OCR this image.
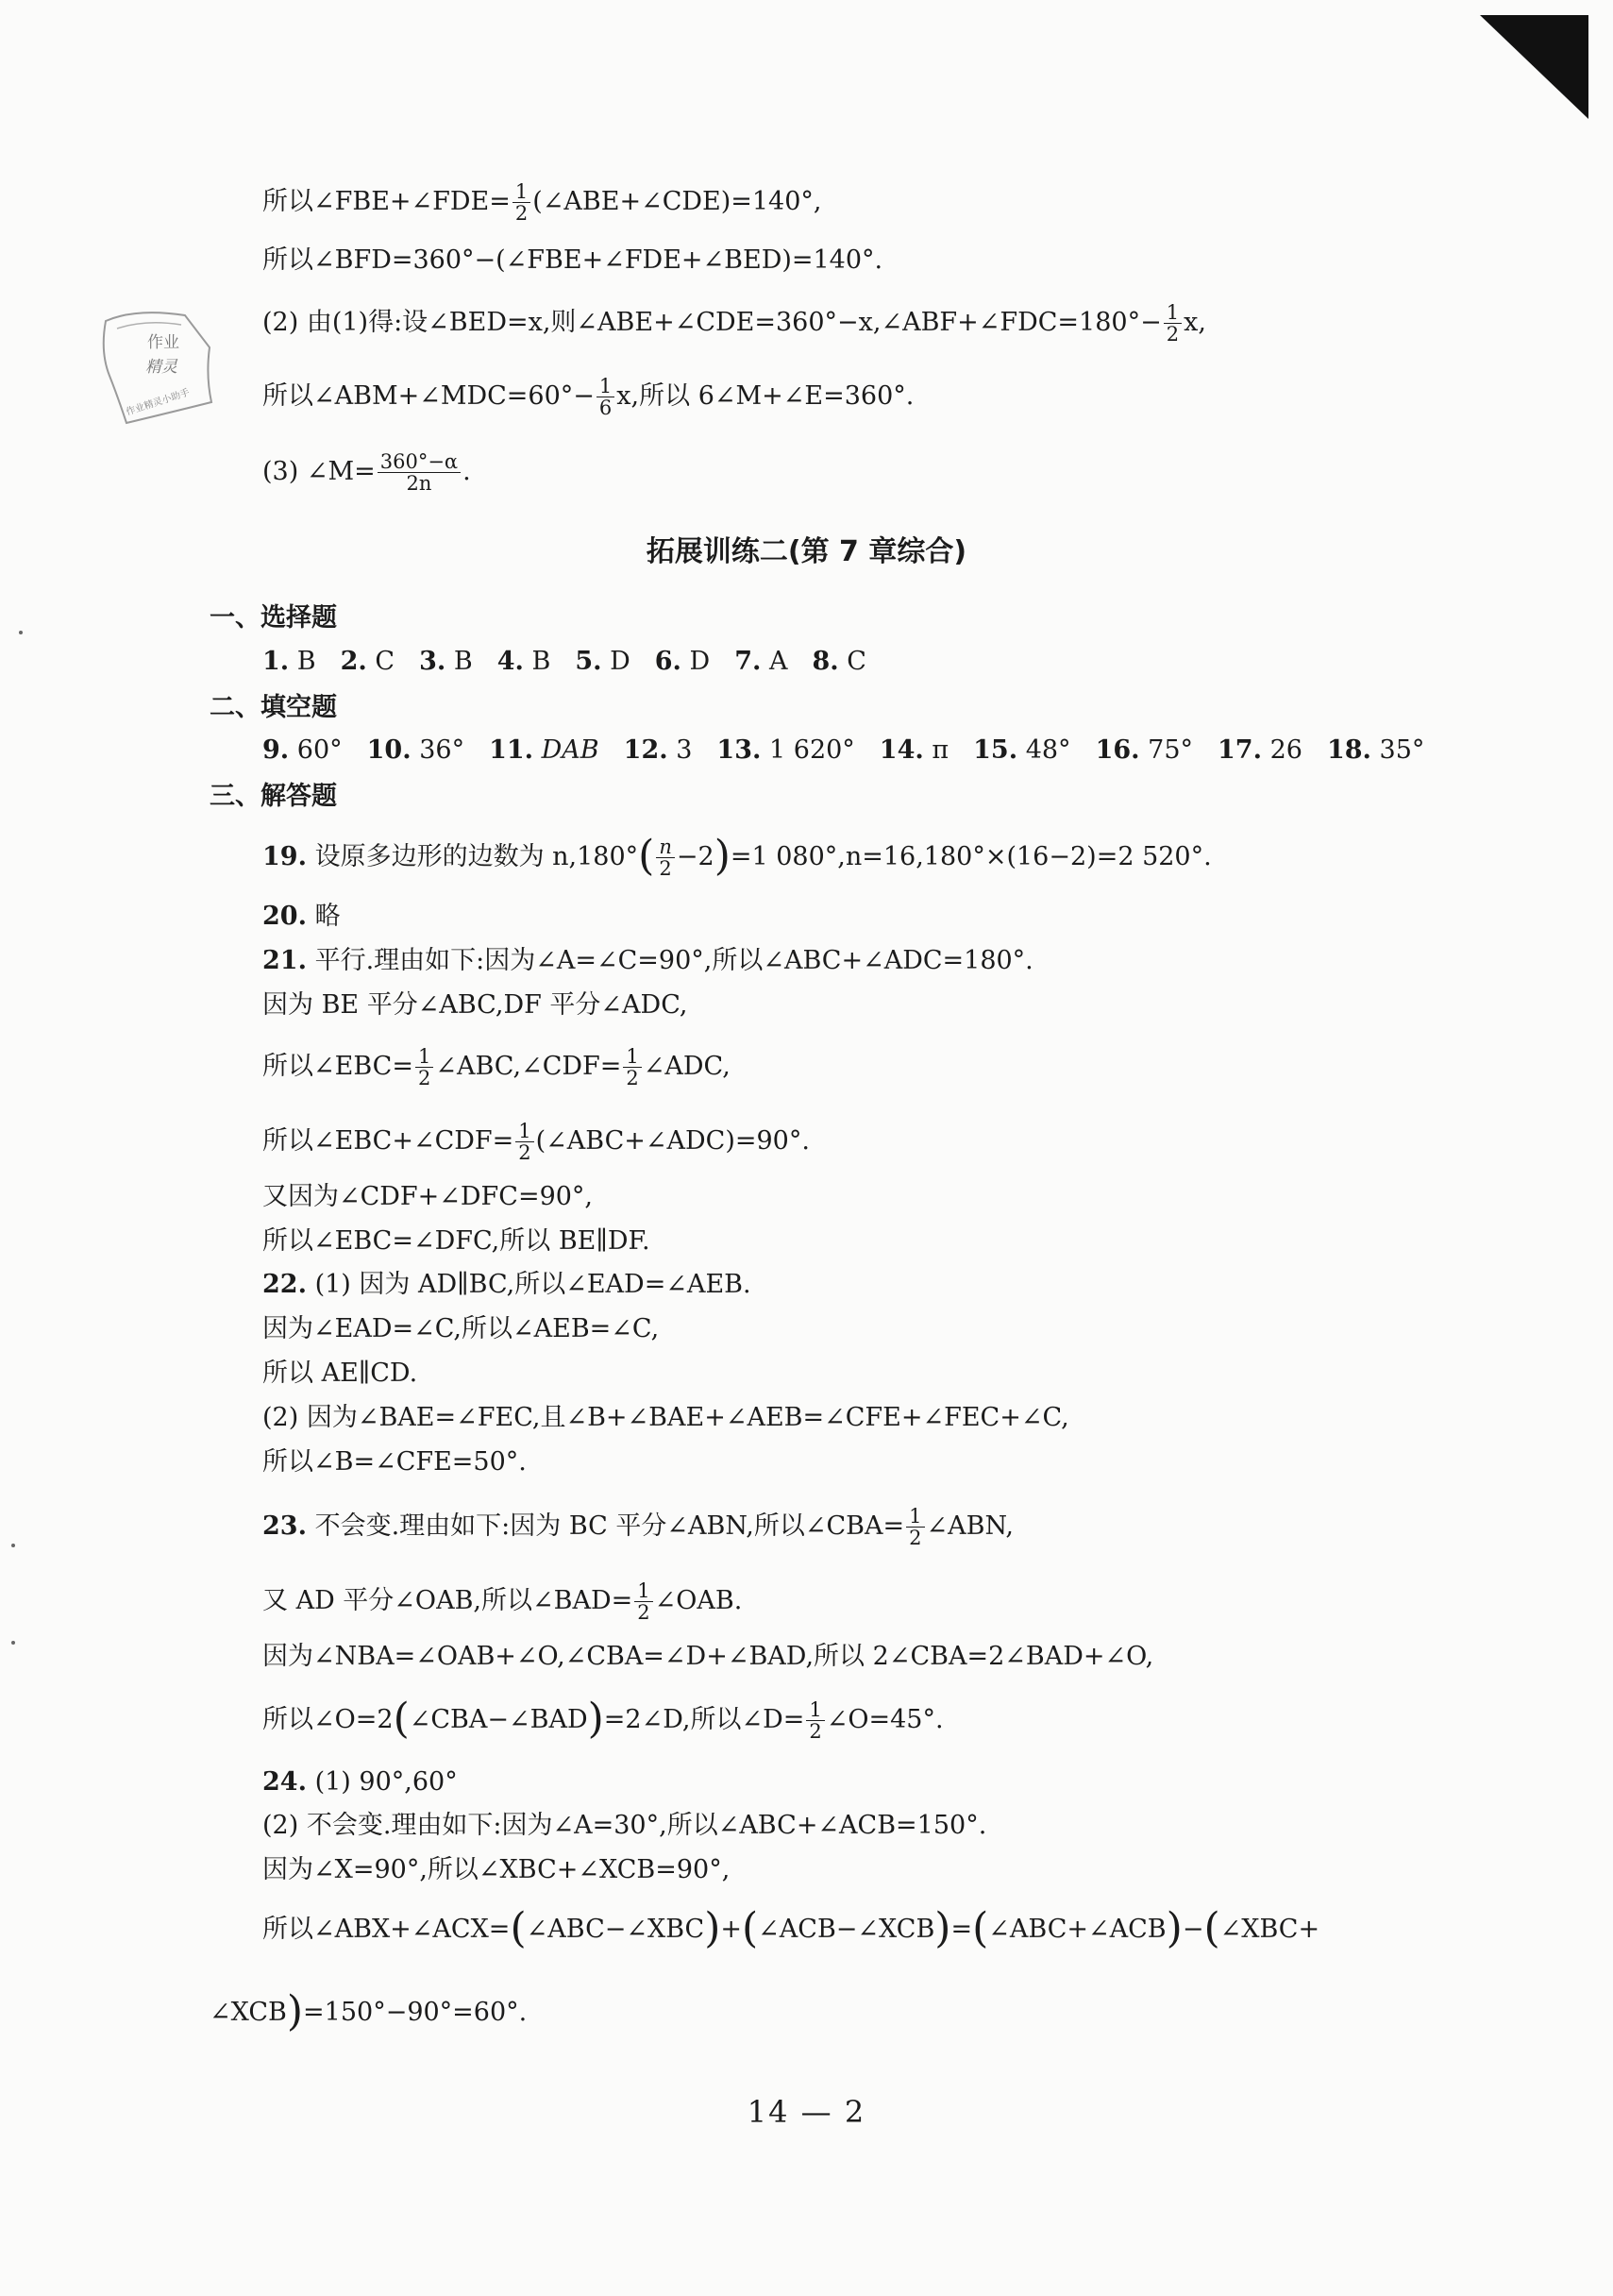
作业
精灵
作业精灵小助手
所以∠FBE+∠FDE= $\frac{1}{2}$ (∠ABE+∠CDE)=140°,
所以∠BFD=360°−(∠FBE+∠FDE+∠BED)=140°.
(2) 由(1)得:设∠BED=x,则∠ABE+∠CDE=360°−x,∠ABF+∠FDC=180°− $\frac{1}{2} x$,
所以∠ABM+∠MDC=60°− $\frac{1}{6} x$,所以 6∠M+∠E=360°.
(3) ∠M= $\frac{360^\circ-\alpha}{2n}$ .
拓展训练二(第 7 章综合)
一、选择题
1. B 2. C 3. B 4. B 5. D 6. D 7. A 8. C
二、填空题
9. 60° 10. 36° 11. DAB 12. 3 13. 1 620° 14. π 15. 48° 16. 75° 17. 26 18. 35°
三、解答题
19. 设原多边形的边数为 $n,180^\circ( \frac{n}{2} -2)=1$ 080°,n=16,180°×(16−2)=2 520°.
20. 略
21. 平行.理由如下:因为∠A=∠C=90°,所以∠ABC+∠ADC=180°.
因为 BE 平分∠ABC,DF 平分∠ADC,
所以∠EBC= $\frac{1}{2}$ ∠ABC,∠CDF= $\frac{1}{2}$ ∠ADC,
所以∠EBC+∠CDF= $\frac{1}{2}$ (∠ABC+∠ADC)=90°.
又因为∠CDF+∠DFC=90°,
所以∠EBC=∠DFC,所以 BE∥DF.
22. (1) 因为 AD∥BC,所以∠EAD=∠AEB.
因为∠EAD=∠C,所以∠AEB=∠C,
所以 AE∥CD.
(2) 因为∠BAE=∠FEC,且∠B+∠BAE+∠AEB=∠CFE+∠FEC+∠C,
所以∠B=∠CFE=50°.
23. 不会变.理由如下:因为 BC 平分∠ABN,所以∠CBA= $\frac{1}{2}$ ∠ABN,
又 AD 平分∠OAB,所以∠BAD= $\frac{1}{2}$ ∠OAB.
因为∠NBA=∠OAB+∠O,∠CBA=∠D+∠BAD,所以 2∠CBA=2∠BAD+∠O,
所以∠O=2(∠CBA−∠BAD)=2∠D,所以∠D= $\frac{1}{2}$ ∠O=45°.
24. (1) 90°,60°
(2) 不会变.理由如下:因为∠A=30°,所以∠ABC+∠ACB=150°.
因为∠X=90°,所以∠XBC+∠XCB=90°,
所以∠ABX+∠ACX=(∠ABC−∠XBC)+(∠ACB−∠XCB)=(∠ABC+∠ACB)−(∠XBC+
∠XCB)=150°−90°=60°.
14 — 2
